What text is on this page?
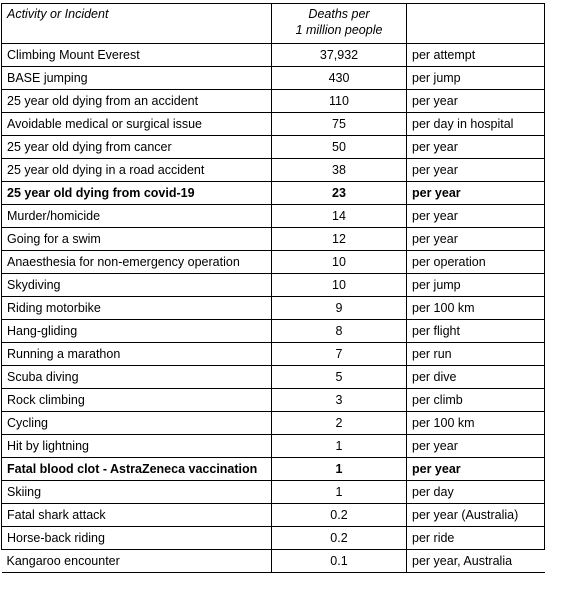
Activity or Incident	Deaths per
1 million people	

Climbing Mount Everest	37,932	per attempt
BASE jumping	430	per jump
25 year old dying from an accident	110	per year
Avoidable medical or surgical issue	75	per day in hospital
25 year old dying from cancer	50	per year
25 year old dying in a road accident	38	per year
25 year old dying from covid-19	23	per year
Murder/homicide	14	per year
Going for a swim	12	per year
Anaesthesia for non-emergency operation	10	per operation
Skydiving	10	per jump
Riding motorbike	9	per 100 km
Hang-gliding	8	per flight
Running a marathon	7	per run
Scuba diving	5	per dive
Rock climbing	3	per climb
Cycling	2	per 100 km
Hit by lightning	1	per year
Fatal blood clot - AstraZeneca vaccination	1	per year
Skiing	1	per day
Fatal shark attack	0.2	per year (Australia)
Horse-back riding	0.2	per ride
Kangaroo encounter	0.1	per year, Australia
